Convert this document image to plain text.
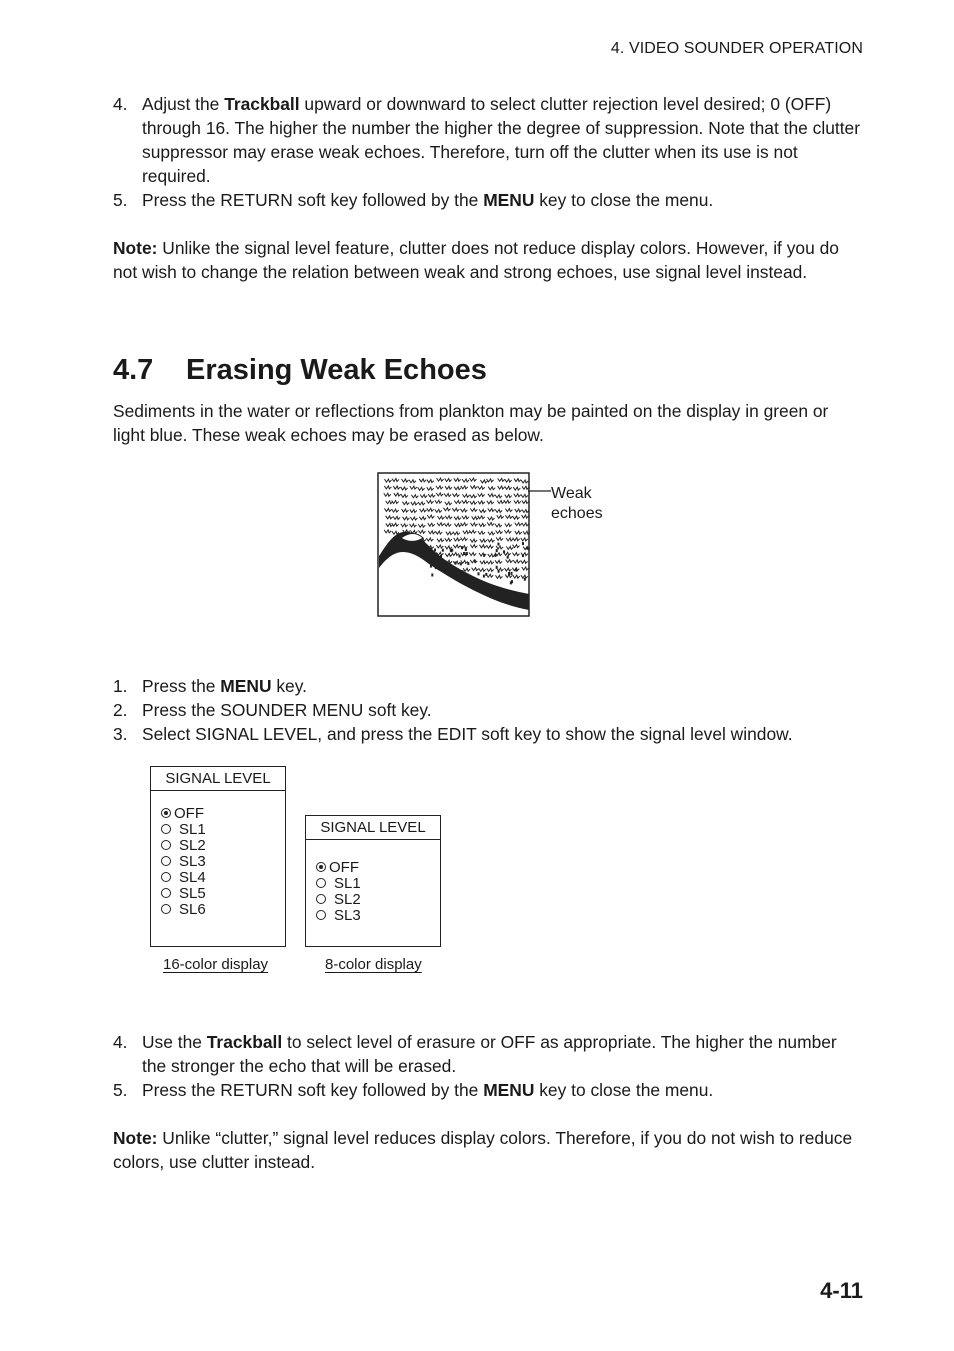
4. VIDEO SOUNDER OPERATION
4. Adjust the Trackball upward or downward to select clutter rejection level desired; 0 (OFF) through 16. The higher the number the higher the degree of suppression. Note that the clutter suppressor may erase weak echoes. Therefore, turn off the clutter when its use is not required.
5. Press the RETURN soft key followed by the MENU key to close the menu.
Note: Unlike the signal level feature, clutter does not reduce display colors. However, if you do not wish to change the relation between weak and strong echoes, use signal level instead.
4.7 Erasing Weak Echoes
Sediments in the water or reflections from plankton may be painted on the display in green or light blue. These weak echoes may be erased as below.
Weak
echoes
1. Press the MENU key.
2. Press the SOUNDER MENU soft key.
3. Select SIGNAL LEVEL, and press the EDIT soft key to show the signal level window.
SIGNAL LEVEL
OFF
SL1
SL2
SL3
SL4
SL5
SL6
16-color display
SIGNAL LEVEL
OFF
SL1
SL2
SL3
8-color display
4. Use the Trackball to select level of erasure or OFF as appropriate. The higher the number the stronger the echo that will be erased.
5. Press the RETURN soft key followed by the MENU key to close the menu.
Note: Unlike “clutter,” signal level reduces display colors. Therefore, if you do not wish to reduce colors, use clutter instead.
4-11
